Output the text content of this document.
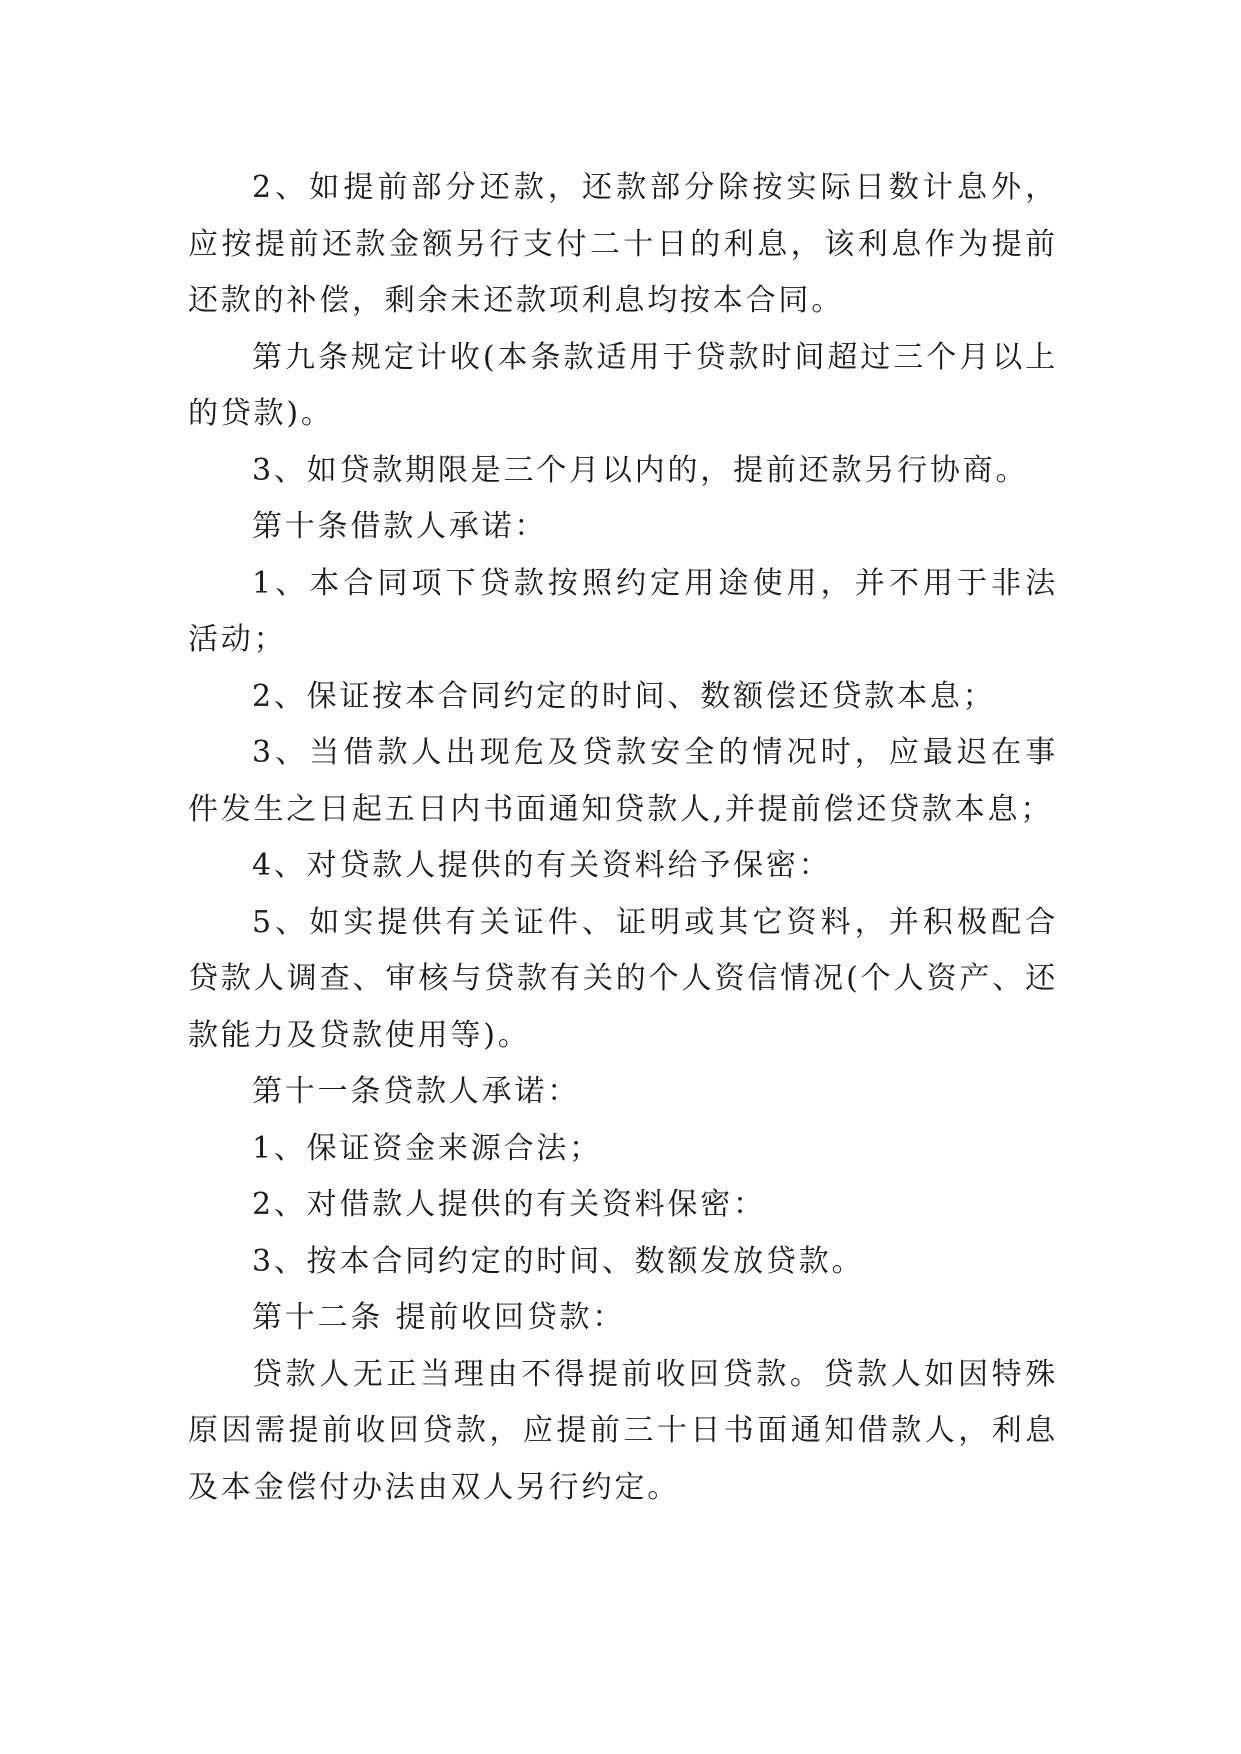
2、如提前部分还款，还款部分除按实际日数计息外，应按提前还款金额另行支付二十日的利息，该利息作为提前还款的补偿，剩余未还款项利息均按本合同。

第九条规定计收(本条款适用于贷款时间超过三个月以上的贷款)。

3、如贷款期限是三个月以内的，提前还款另行协商。

第十条借款人承诺：

1、本合同项下贷款按照约定用途使用，并不用于非法活动；

2、保证按本合同约定的时间、数额偿还贷款本息；

3、当借款人出现危及贷款安全的情况时，应最迟在事件发生之日起五日内书面通知贷款人,并提前偿还贷款本息；

4、对贷款人提供的有关资料给予保密：

5、如实提供有关证件、证明或其它资料，并积极配合贷款人调查、审核与贷款有关的个人资信情况(个人资产、还款能力及贷款使用等)。

第十一条贷款人承诺：

1、保证资金来源合法；

2、对借款人提供的有关资料保密：

3、按本合同约定的时间、数额发放贷款。

第十二条 提前收回贷款：

贷款人无正当理由不得提前收回贷款。贷款人如因特殊原因需提前收回贷款，应提前三十日书面通知借款人，利息及本金偿付办法由双人另行约定。
